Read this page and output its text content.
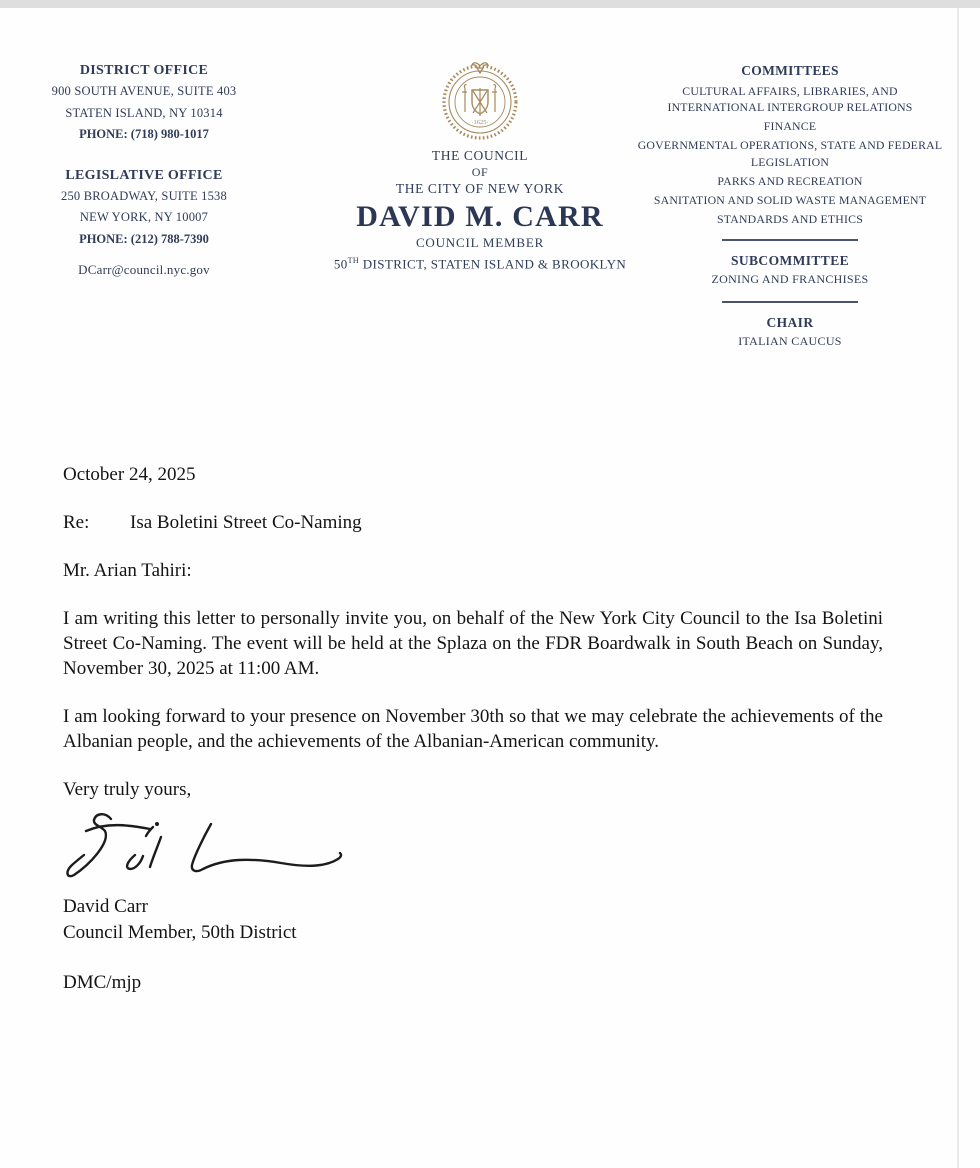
DISTRICT OFFICE
900 SOUTH AVENUE, SUITE 403
STATEN ISLAND, NY 10314
PHONE: (718) 980-1017
LEGISLATIVE OFFICE
250 BROADWAY, SUITE 1538
NEW YORK, NY 10007
PHONE: (212) 788-7390
DCarr@council.nyc.gov
·1625·
THE COUNCIL
OF
THE CITY OF NEW YORK
DAVID M. CARR
COUNCIL MEMBER
50TH DISTRICT, STATEN ISLAND & BROOKLYN
COMMITTEES
CULTURAL AFFAIRS, LIBRARIES, AND INTERNATIONAL INTERGROUP RELATIONS
FINANCE
GOVERNMENTAL OPERATIONS, STATE AND FEDERAL LEGISLATION
PARKS AND RECREATION
SANITATION AND SOLID WASTE MANAGEMENT
STANDARDS AND ETHICS
SUBCOMMITTEE
ZONING AND FRANCHISES
CHAIR
ITALIAN CAUCUS
October 24, 2025
Re: Isa Boletini Street Co-Naming
Mr. Arian Tahiri:
I am writing this letter to personally invite you, on behalf of the New York City Council to the Isa Boletini Street Co-Naming. The event will be held at the Splaza on the FDR Boardwalk in South Beach on Sunday, November 30, 2025 at 11:00 AM.
I am looking forward to your presence on November 30th so that we may celebrate the achievements of the Albanian people, and the achievements of the Albanian-American community.
Very truly yours,
David Carr
Council Member, 50th District
DMC/mjp
